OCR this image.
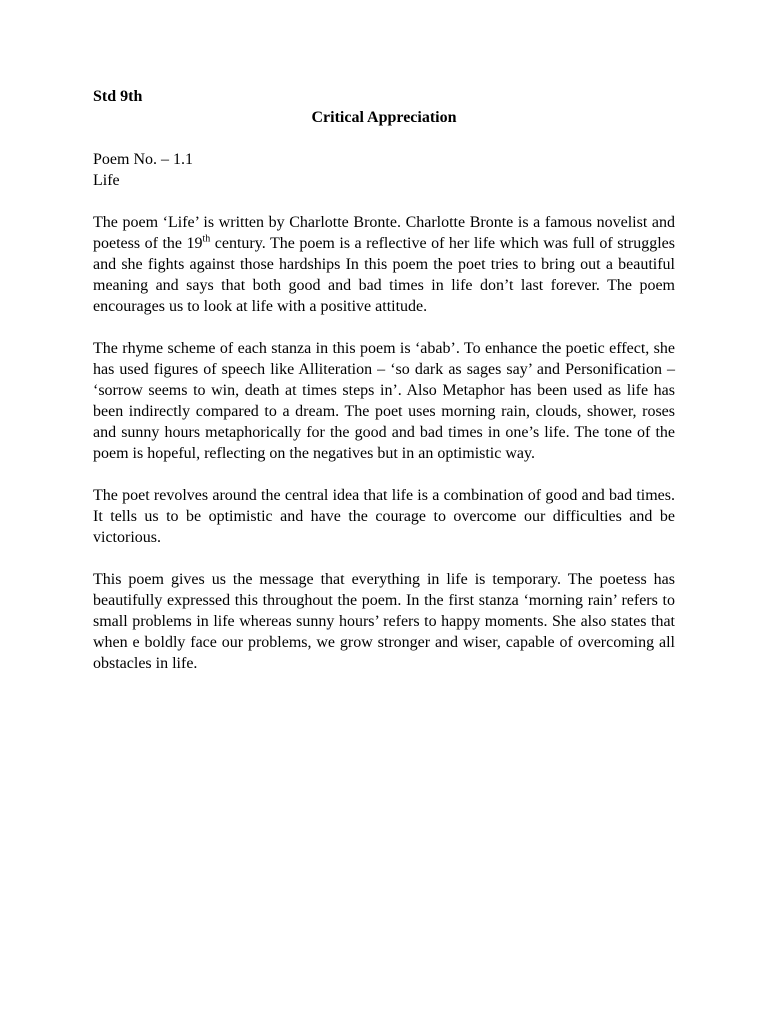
Std 9th

Critical Appreciation

Poem No. – 1.1

Life

The poem ‘Life’ is written by Charlotte Bronte. Charlotte Bronte is a famous novelist and poetess of the 19th century. The poem is a reflective of her life which was full of struggles and she fights against those hardships In this poem the poet tries to bring out a beautiful meaning and says that both good and bad times in life don’t last forever. The poem encourages us to look at life with a positive attitude.

The rhyme scheme of each stanza in this poem is ‘abab’. To enhance the poetic effect, she has used figures of speech like Alliteration – ‘so dark as sages say’ and Personification – ‘sorrow seems to win, death at times steps in’. Also Metaphor has been used as life has been indirectly compared to a dream. The poet uses morning rain, clouds, shower, roses and sunny hours metaphorically for the good and bad times in one’s life. The tone of the poem is hopeful, reflecting on the negatives but in an optimistic way.

The poet revolves around the central idea that life is a combination of good and bad times. It tells us to be optimistic and have the courage to overcome our difficulties and be victorious.

This poem gives us the message that everything in life is temporary. The poetess has beautifully expressed this throughout the poem. In the first stanza ‘morning rain’ refers to small problems in life whereas sunny hours’ refers to happy moments. She also states that when e boldly face our problems, we grow stronger and wiser, capable of overcoming all obstacles in life.
